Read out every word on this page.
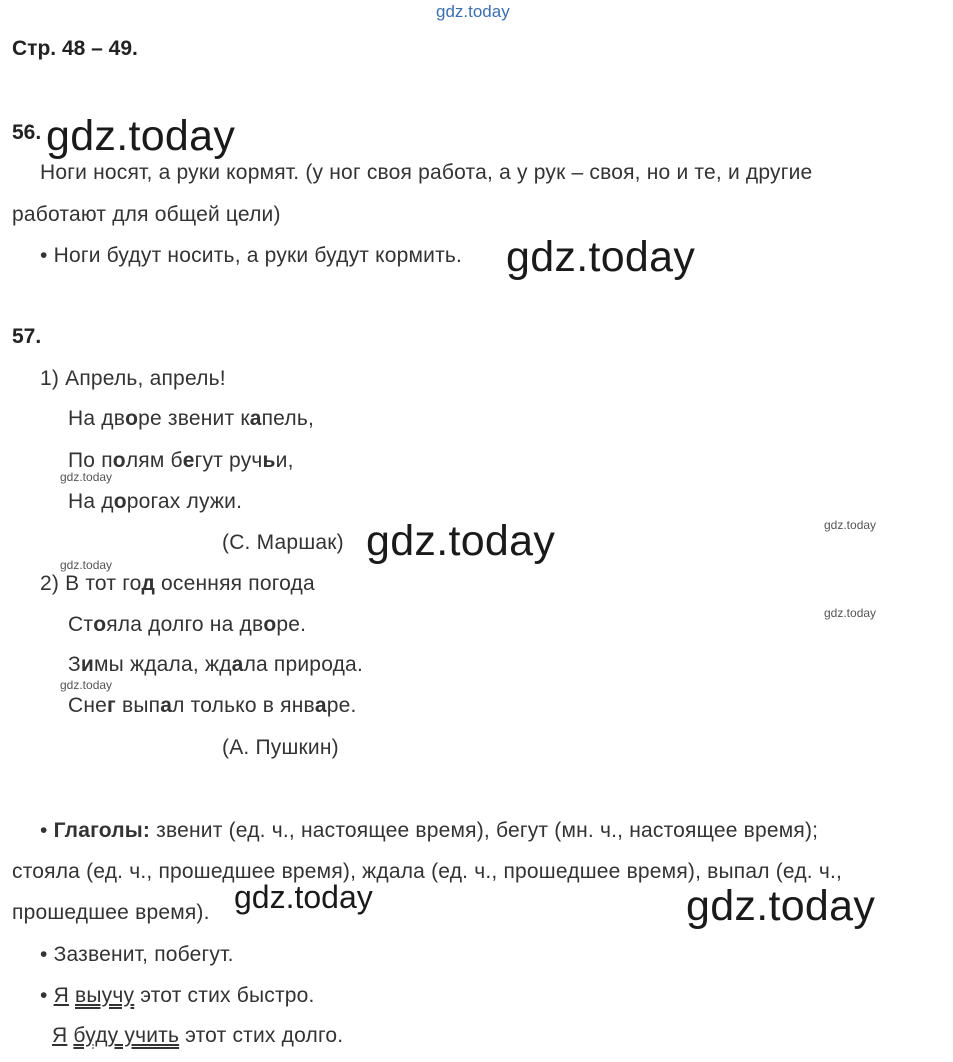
gdz.today
gdz.today
gdz.today
gdz.today
gdz.today
gdz.today
gdz.today
gdz.today
gdz.today
gdz.today	gdz.today
Стр. 48 – 49.
56.
Ноги носят, а руки кормят. (у ног своя работа, а у рук – своя, но и те, и другие
работают для общей цели)
• Ноги будут носить, а руки будут кормить.
57.
1) Апрель, апрель!
На дворе звенит капель,
По полям бегут ручьи,
На дорогах лужи.
(С. Маршак)
2) В тот год осенняя погода
Стояла долго на дворе.
Зимы ждала, ждала природа.
Снег выпал только в январе.
(А. Пушкин)
• Глаголы: звенит (ед. ч., настоящее время), бегут (мн. ч., настоящее время);
стояла (ед. ч., прошедшее время), ждала (ед. ч., прошедшее время), выпал (ед. ч.,
прошедшее время).
• Зазвенит, побегут.
• Я выучу этот стих быстро.
Я буду учить этот стих долго.
